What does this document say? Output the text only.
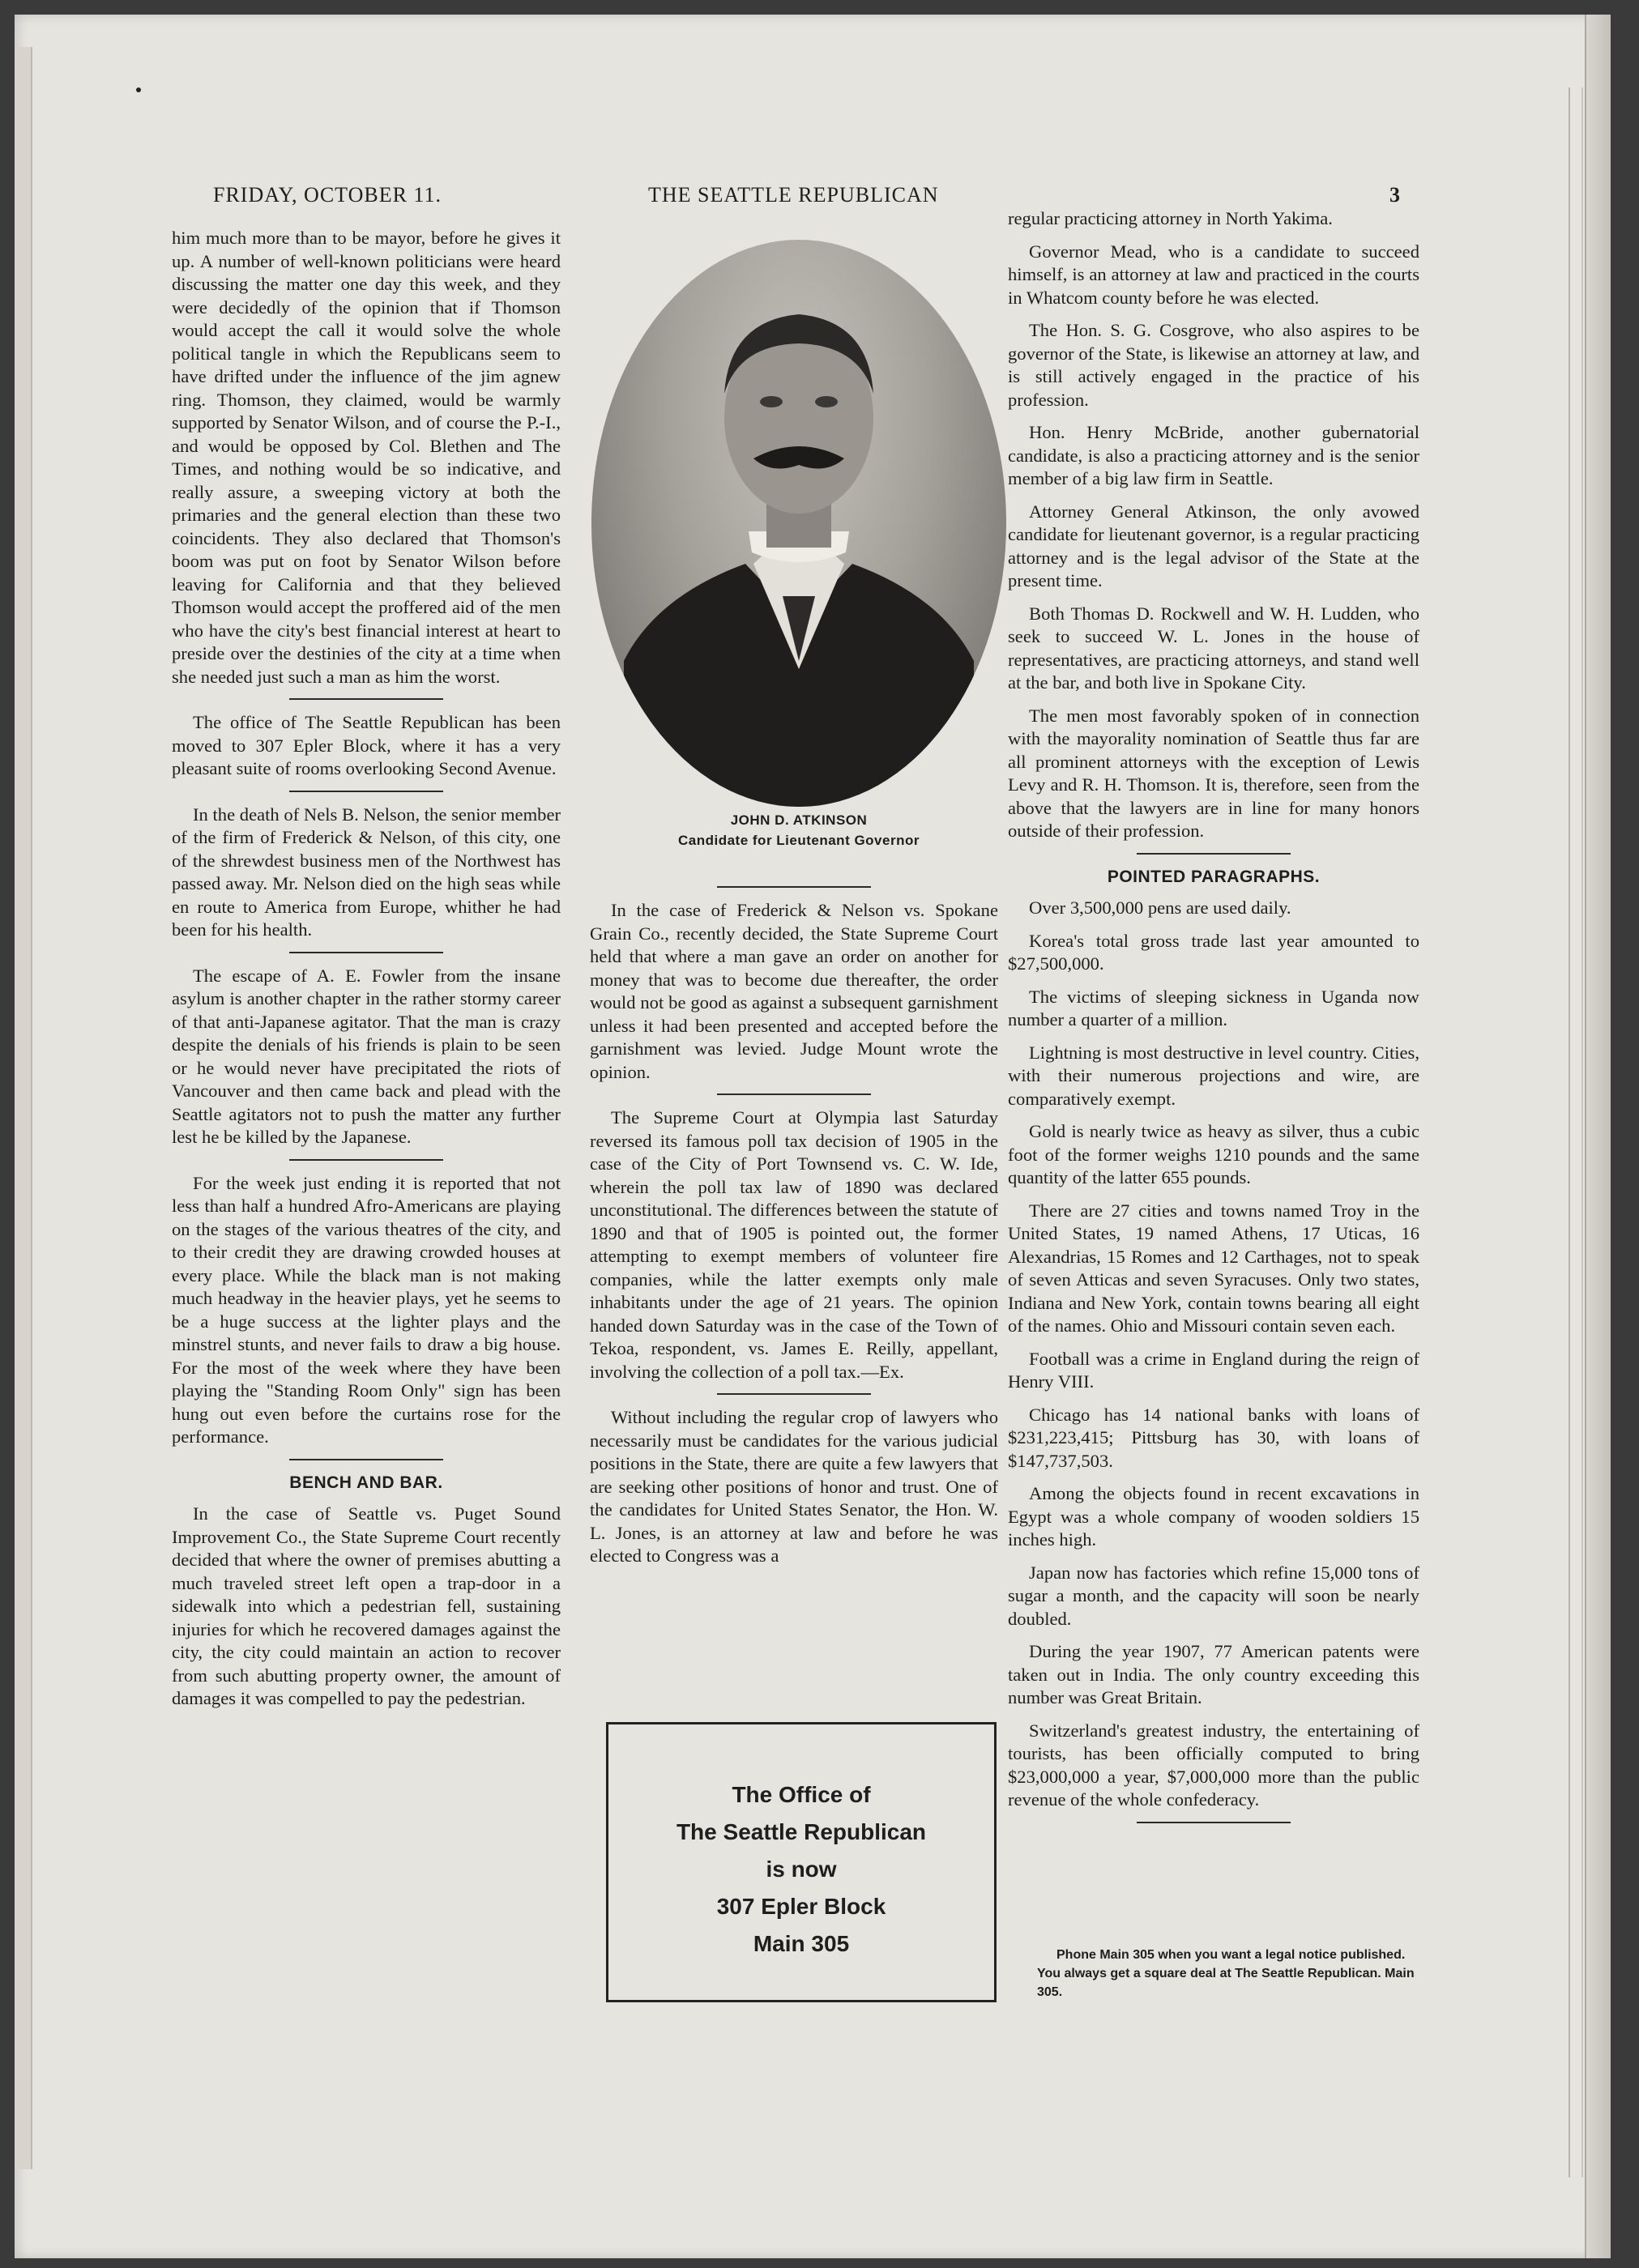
FRIDAY, OCTOBER 11.	THE SEATTLE REPUBLICAN	3

him much more than to be mayor, before he gives it up. A number of well-known politicians were heard discussing the matter one day this week, and they were decidedly of the opinion that if Thomson would accept the call it would solve the whole political tangle in which the Republicans seem to have drifted under the influence of the jim agnew ring. Thomson, they claimed, would be warmly supported by Senator Wilson, and of course the P.-I., and would be opposed by Col. Blethen and The Times, and nothing would be so indicative, and really assure, a sweeping victory at both the primaries and the general election than these two coincidents. They also declared that Thomson's boom was put on foot by Senator Wilson before leaving for California and that they believed Thomson would accept the proffered aid of the men who have the city's best financial interest at heart to preside over the destinies of the city at a time when she needed just such a man as him the worst.

The office of The Seattle Republican has been moved to 307 Epler Block, where it has a very pleasant suite of rooms overlooking Second Avenue.

In the death of Nels B. Nelson, the senior member of the firm of Frederick & Nelson, of this city, one of the shrewdest business men of the Northwest has passed away. Mr. Nelson died on the high seas while en route to America from Europe, whither he had been for his health.

The escape of A. E. Fowler from the insane asylum is another chapter in the rather stormy career of that anti-Japanese agitator. That the man is crazy despite the denials of his friends is plain to be seen or he would never have precipitated the riots of Vancouver and then came back and plead with the Seattle agitators not to push the matter any further lest he be killed by the Japanese.

For the week just ending it is reported that not less than half a hundred Afro-Americans are playing on the stages of the various theatres of the city, and to their credit they are drawing crowded houses at every place. While the black man is not making much headway in the heavier plays, yet he seems to be a huge success at the lighter plays and the minstrel stunts, and never fails to draw a big house. For the most of the week where they have been playing the "Standing Room Only" sign has been hung out even before the curtains rose for the performance.

BENCH AND BAR.

In the case of Seattle vs. Puget Sound Improvement Co., the State Supreme Court recently decided that where the owner of premises abutting a much traveled street left open a trap-door in a sidewalk into which a pedestrian fell, sustaining injuries for which he recovered damages against the city, the city could maintain an action to recover from such abutting property owner, the amount of damages it was compelled to pay the pedestrian.

JOHN D. ATKINSON
Candidate for Lieutenant Governor

In the case of Frederick & Nelson vs. Spokane Grain Co., recently decided, the State Supreme Court held that where a man gave an order on another for money that was to become due thereafter, the order would not be good as against a subsequent garnishment unless it had been presented and accepted before the garnishment was levied. Judge Mount wrote the opinion.

The Supreme Court at Olympia last Saturday reversed its famous poll tax decision of 1905 in the case of the City of Port Townsend vs. C. W. Ide, wherein the poll tax law of 1890 was declared unconstitutional. The differences between the statute of 1890 and that of 1905 is pointed out, the former attempting to exempt members of volunteer fire companies, while the latter exempts only male inhabitants under the age of 21 years. The opinion handed down Saturday was in the case of the Town of Tekoa, respondent, vs. James E. Reilly, appellant, involving the collection of a poll tax.—Ex.

Without including the regular crop of lawyers who necessarily must be candidates for the various judicial positions in the State, there are quite a few lawyers that are seeking other positions of honor and trust. One of the candidates for United States Senator, the Hon. W. L. Jones, is an attorney at law and before he was elected to Congress was a

The Office of
The Seattle Republican
is now
307 Epler Block
Main 305

regular practicing attorney in North Yakima.

Governor Mead, who is a candidate to succeed himself, is an attorney at law and practiced in the courts in Whatcom county before he was elected.

The Hon. S. G. Cosgrove, who also aspires to be governor of the State, is likewise an attorney at law, and is still actively engaged in the practice of his profession.

Hon. Henry McBride, another gubernatorial candidate, is also a practicing attorney and is the senior member of a big law firm in Seattle.

Attorney General Atkinson, the only avowed candidate for lieutenant governor, is a regular practicing attorney and is the legal advisor of the State at the present time.

Both Thomas D. Rockwell and W. H. Ludden, who seek to succeed W. L. Jones in the house of representatives, are practicing attorneys, and stand well at the bar, and both live in Spokane City.

The men most favorably spoken of in connection with the mayorality nomination of Seattle thus far are all prominent attorneys with the exception of Lewis Levy and R. H. Thomson. It is, therefore, seen from the above that the lawyers are in line for many honors outside of their profession.

POINTED PARAGRAPHS.

Over 3,500,000 pens are used daily.

Korea's total gross trade last year amounted to $27,500,000.

The victims of sleeping sickness in Uganda now number a quarter of a million.

Lightning is most destructive in level country. Cities, with their numerous projections and wire, are comparatively exempt.

Gold is nearly twice as heavy as silver, thus a cubic foot of the former weighs 1210 pounds and the same quantity of the latter 655 pounds.

There are 27 cities and towns named Troy in the United States, 19 named Athens, 17 Uticas, 16 Alexandrias, 15 Romes and 12 Carthages, not to speak of seven Atticas and seven Syracuses. Only two states, Indiana and New York, contain towns bearing all eight of the names. Ohio and Missouri contain seven each.

Football was a crime in England during the reign of Henry VIII.

Chicago has 14 national banks with loans of $231,223,415; Pittsburg has 30, with loans of $147,737,503.

Among the objects found in recent excavations in Egypt was a whole company of wooden soldiers 15 inches high.

Japan now has factories which refine 15,000 tons of sugar a month, and the capacity will soon be nearly doubled.

During the year 1907, 77 American patents were taken out in India. The only country exceeding this number was Great Britain.

Switzerland's greatest industry, the entertaining of tourists, has been officially computed to bring $23,000,000 a year, $7,000,000 more than the public revenue of the whole confederacy.

Phone Main 305 when you want a legal notice published. You always get a square deal at The Seattle Republican. Main 305.
